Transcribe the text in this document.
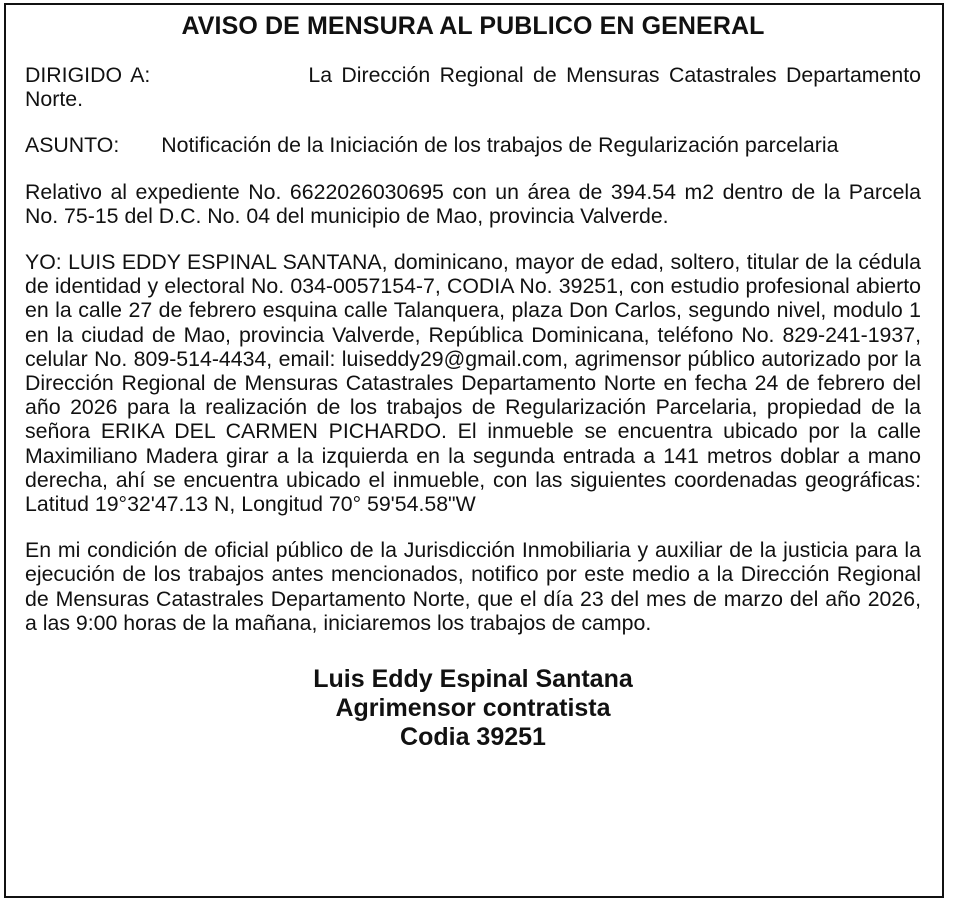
AVISO DE MENSURA AL PUBLICO EN GENERAL
DIRIGIDO A:	La Dirección Regional de Mensuras Catastrales Departamento Norte.
ASUNTO: Notificación de la Iniciación de los trabajos de Regularización parcelaria
Relativo al expediente No. 6622026030695 con un área de 394.54 m2 dentro de la Parcela No. 75-15 del D.C. No. 04 del municipio de Mao, provincia Valverde.
YO: LUIS EDDY ESPINAL SANTANA, dominicano, mayor de edad, soltero, titular de la cédula de identidad y electoral No. 034-0057154-7, CODIA No. 39251, con estudio profesional abierto en la calle 27 de febrero esquina calle Talanquera, plaza Don Carlos, segundo nivel, modulo 1 en la ciudad de Mao, provincia Valverde, República Dominicana, teléfono No. 829-241-1937, celular No. 809-514-4434, email: luiseddy29@gmail.com, agrimensor público autorizado por la Dirección Regional de Mensuras Catastrales Departamento Norte en fecha 24 de febrero del año 2026 para la realización de los trabajos de Regularización Parcelaria, propiedad de la señora ERIKA DEL CARMEN PICHARDO. El inmueble se encuentra ubicado por la calle Maximiliano Madera girar a la izquierda en la segunda entrada a 141 metros doblar a mano derecha, ahí se encuentra ubicado el inmueble, con las siguientes coordenadas geográficas: Latitud 19°32'47.13 N, Longitud 70° 59'54.58"W
En mi condición de oficial público de la Jurisdicción Inmobiliaria y auxiliar de la justicia para la ejecución de los trabajos antes mencionados, notifico por este medio a la Dirección Regional de Mensuras Catastrales Departamento Norte, que el día 23 del mes de marzo del año 2026, a las 9:00 horas de la mañana, iniciaremos los trabajos de campo.
Luis Eddy Espinal Santana
Agrimensor contratista
Codia 39251
